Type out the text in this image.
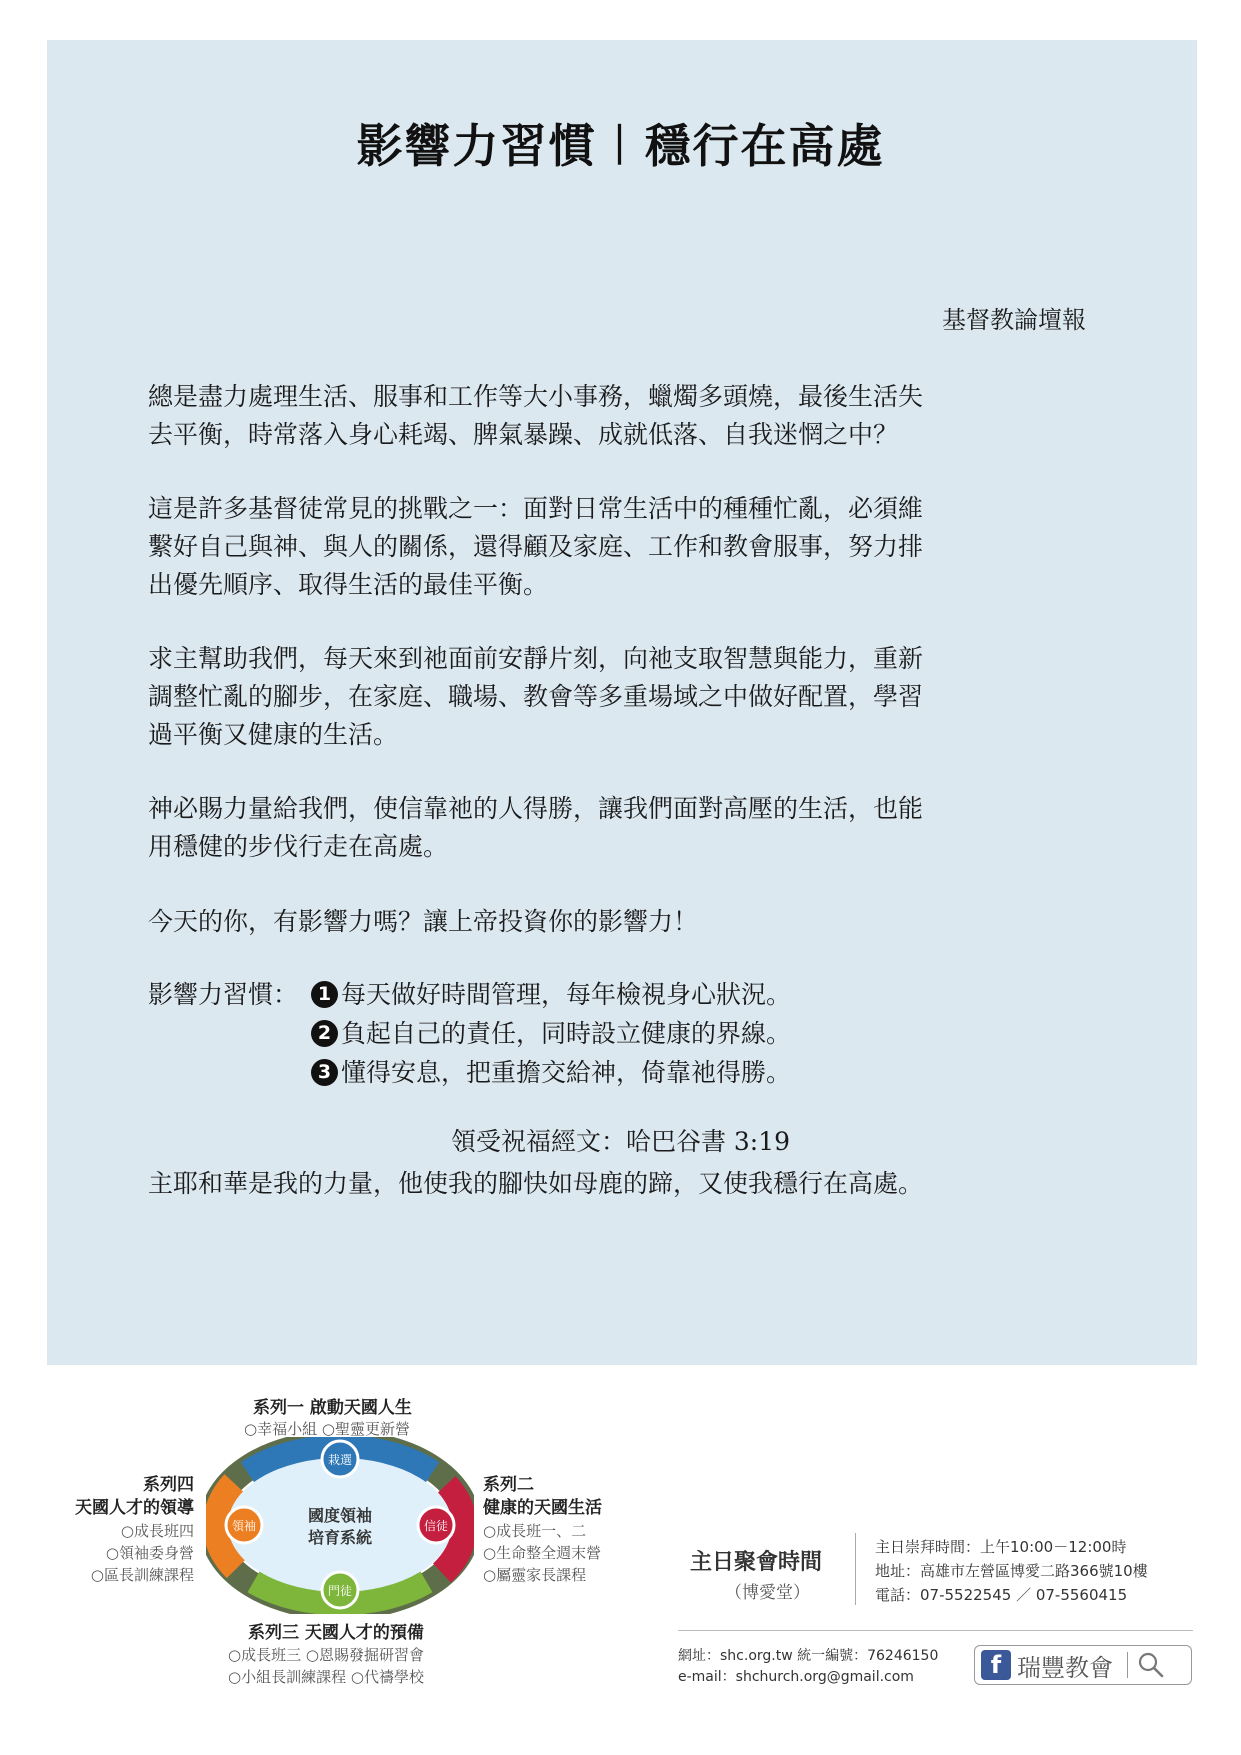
影響力習慣︱穩行在高處
基督教論壇報
總是盡力處理生活、服事和工作等大小事務，蠟燭多頭燒，最後生活失
去平衡，時常落入身心耗竭、脾氣暴躁、成就低落、自我迷惘之中？
這是許多基督徒常見的挑戰之一：面對日常生活中的種種忙亂，必須維
繫好自己與神、與人的關係，還得顧及家庭、工作和教會服事，努力排
出優先順序、取得生活的最佳平衡。
求主幫助我們，每天來到祂面前安靜片刻，向祂支取智慧與能力，重新
調整忙亂的腳步，在家庭、職場、教會等多重場域之中做好配置，學習
過平衡又健康的生活。
神必賜力量給我們，使信靠祂的人得勝，讓我們面對高壓的生活，也能
用穩健的步伐行走在高處。
今天的你，有影響力嗎？讓上帝投資你的影響力！
影響力習慣：	1 每天做好時間管理，每年檢視身心狀況。
2 負起自己的責任，同時設立健康的界線。
3 懂得安息，把重擔交給神，倚靠祂得勝。
領受祝福經文：哈巴谷書 3:19
主耶和華是我的力量，他使我的腳快如母鹿的蹄，又使我穩行在高處。
系列一 啟動天國人生
○幸福小組 ○聖靈更新營
系列四
天國人才的領導
○成長班四
○領袖委身營
○區長訓練課程
系列二
健康的天國生活
○成長班一、二
○生命整全週末營
○屬靈家長課程
系列三 天國人才的預備
○成長班三 ○恩賜發掘研習會
○小組長訓練課程 ○代禱學校
栽選
信徒
門徒
領袖
國度領袖
培育系統
主日聚會時間
（博愛堂）
主日崇拜時間：上午10:00－12:00時
地址：高雄市左營區博愛二路366號10樓
電話：07-5522545 ／ 07-5560415
網址：shc.org.tw 統一編號：76246150
e-mail：shchurch.org@gmail.com	f 瑞豐教會
